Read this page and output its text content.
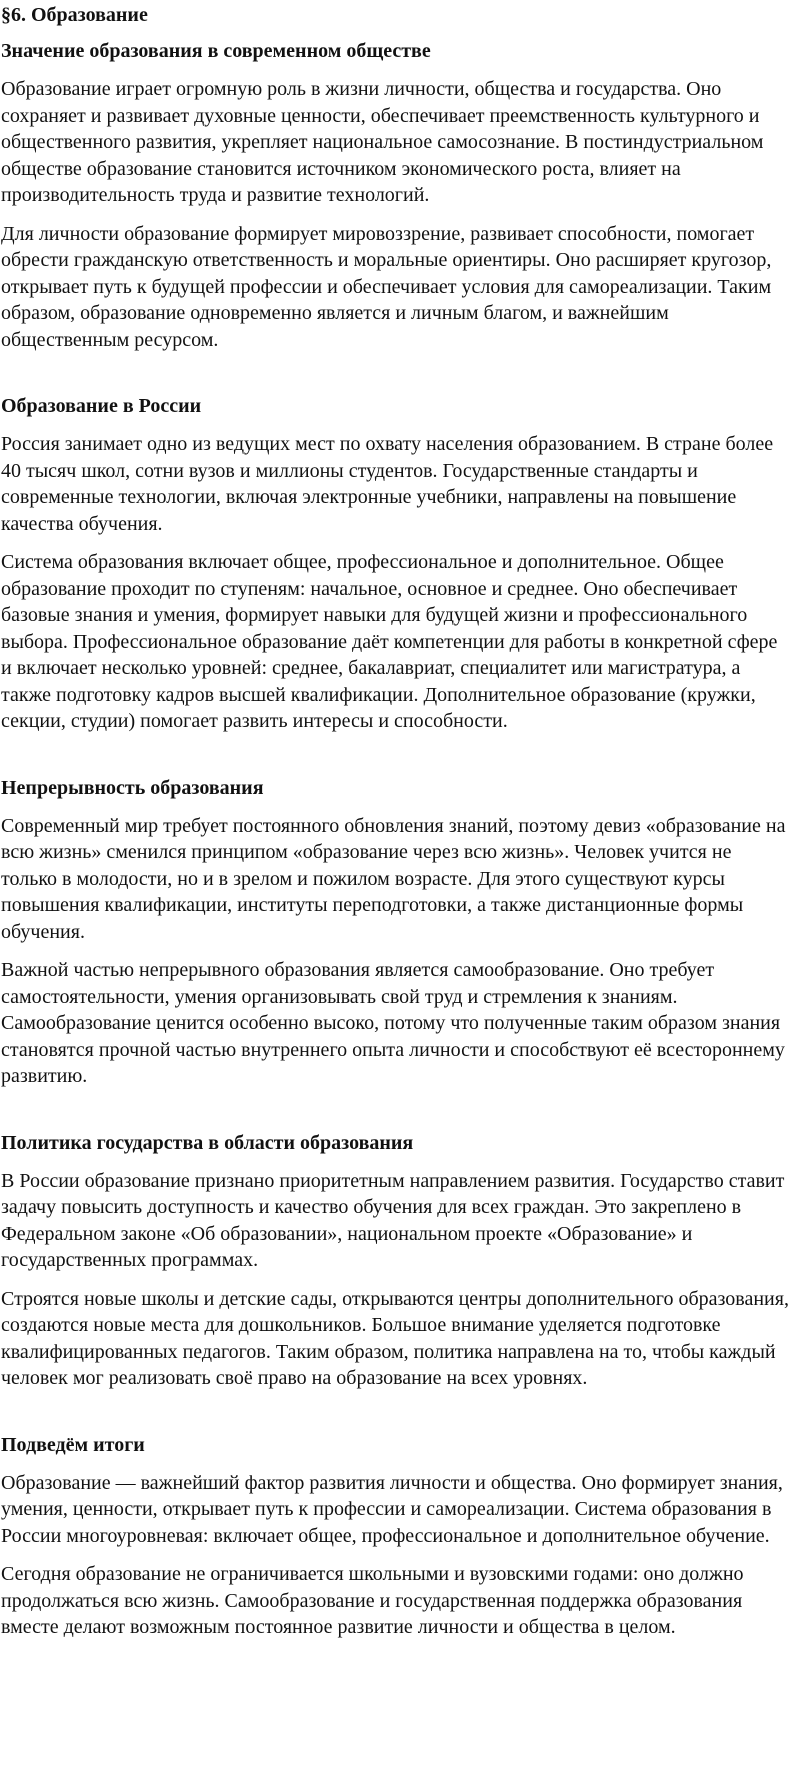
§6. Образование
Значение образования в современном обществе

Образование играет огромную роль в жизни личности, общества и государства. Оно сохраняет и развивает духовные ценности, обеспечивает преемственность культурного и общественного развития, укрепляет национальное самосознание. В постиндустриальном обществе образование становится источником экономического роста, влияет на производительность труда и развитие технологий.

Для личности образование формирует мировоззрение, развивает способности, помогает обрести гражданскую ответственность и моральные ориентиры. Оно расширяет кругозор, открывает путь к будущей профессии и обеспечивает условия для самореализации. Таким образом, образование одновременно является и личным благом, и важнейшим общественным ресурсом.

Образование в России

Россия занимает одно из ведущих мест по охвату населения образованием. В стране более 40 тысяч школ, сотни вузов и миллионы студентов. Государственные стандарты и современные технологии, включая электронные учебники, направлены на повышение качества обучения.

Система образования включает общее, профессиональное и дополнительное. Общее образование проходит по ступеням: начальное, основное и среднее. Оно обеспечивает базовые знания и умения, формирует навыки для будущей жизни и профессионального выбора. Профессиональное образование даёт компетенции для работы в конкретной сфере и включает несколько уровней: среднее, бакалавриат, специалитет или магистратура, а также подготовку кадров высшей квалификации. Дополнительное образование (кружки, секции, студии) помогает развить интересы и способности.

Непрерывность образования

Современный мир требует постоянного обновления знаний, поэтому девиз «образование на всю жизнь» сменился принципом «образование через всю жизнь». Человек учится не только в молодости, но и в зрелом и пожилом возрасте. Для этого существуют курсы повышения квалификации, институты переподготовки, а также дистанционные формы обучения.

Важной частью непрерывного образования является самообразование. Оно требует самостоятельности, умения организовывать свой труд и стремления к знаниям. Самообразование ценится особенно высоко, потому что полученные таким образом знания становятся прочной частью внутреннего опыта личности и способствуют её всестороннему развитию.

Политика государства в области образования

В России образование признано приоритетным направлением развития. Государство ставит задачу повысить доступность и качество обучения для всех граждан. Это закреплено в Федеральном законе «Об образовании», национальном проекте «Образование» и государственных программах.

Строятся новые школы и детские сады, открываются центры дополнительного образования, создаются новые места для дошкольников. Большое внимание уделяется подготовке квалифицированных педагогов. Таким образом, политика направлена на то, чтобы каждый человек мог реализовать своё право на образование на всех уровнях.

Подведём итоги

Образование — важнейший фактор развития личности и общества. Оно формирует знания, умения, ценности, открывает путь к профессии и самореализации. Система образования в России многоуровневая: включает общее, профессиональное и дополнительное обучение.

Сегодня образование не ограничивается школьными и вузовскими годами: оно должно продолжаться всю жизнь. Самообразование и государственная поддержка образования вместе делают возможным постоянное развитие личности и общества в целом.
